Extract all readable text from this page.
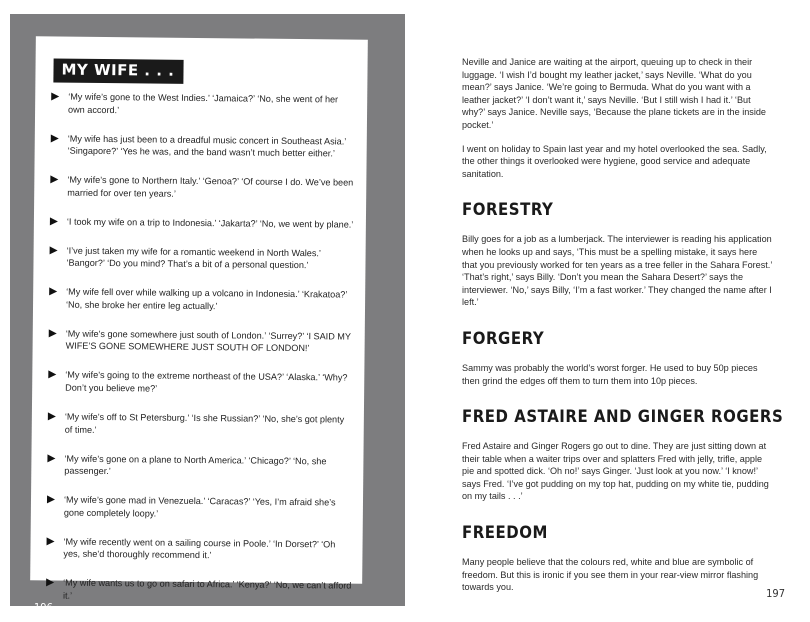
MY WIFE . . .
‘My wife’s gone to the West Indies.’ ‘Jamaica?’ ‘No, she went of her own accord.’
‘My wife has just been to a dreadful music concert in Southeast Asia.’ ‘Singapore?’ ‘Yes he was, and the band wasn’t much better either.’
‘My wife’s gone to Northern Italy.’ ‘Genoa?’ ‘Of course I do. We’ve been married for over ten years.’
‘I took my wife on a trip to Indonesia.’ ‘Jakarta?’ ‘No, we went by plane.’
‘I’ve just taken my wife for a romantic weekend in North Wales.’ ‘Bangor?’ ‘Do you mind? That’s a bit of a personal question.’
‘My wife fell over while walking up a volcano in Indonesia.’ ‘Krakatoa?’ ‘No, she broke her entire leg actually.’
‘My wife’s gone somewhere just south of London.’ ‘Surrey?’ ‘I SAID MY WIFE’S GONE SOMEWHERE JUST SOUTH OF LONDON!’
‘My wife’s going to the extreme northeast of the USA?’ ‘Alaska.’ ‘Why? Don’t you believe me?’
‘My wife’s off to St Petersburg.’ ‘Is she Russian?’ ‘No, she’s got plenty of time.’
‘My wife’s gone on a plane to North America.’ ‘Chicago?’ ‘No, she passenger.’
‘My wife’s gone mad in Venezuela.’ ‘Caracas?’ ‘Yes, I’m afraid she’s gone completely loopy.’
‘My wife recently went on a sailing course in Poole.’ ‘In Dorset?’ ‘Oh yes, she’d thoroughly recommend it.’
‘My wife wants us to go on safari to Africa.’ ‘Kenya?’ ‘No, we can’t afford it.’
196

Neville and Janice are waiting at the airport, queuing up to check in their luggage. ‘I wish I’d bought my leather jacket,’ says Neville. ‘What do you mean?’ says Janice. ‘We’re going to Bermuda. What do you want with a leather jacket?’ ‘I don’t want it,’ says Neville. ‘But I still wish I had it.’ ‘But why?’ says Janice. Neville says, ‘Because the plane tickets are in the inside pocket.’

I went on holiday to Spain last year and my hotel overlooked the sea. Sadly, the other things it overlooked were hygiene, good service and adequate sanitation.

FORESTRY

Billy goes for a job as a lumberjack. The interviewer is reading his application when he looks up and says, ‘This must be a spelling mistake, it says here that you previously worked for ten years as a tree feller in the Sahara Forest.’ ‘That’s right,’ says Billy. ‘Don’t you mean the Sahara Desert?’ says the interviewer. ‘No,’ says Billy, ‘I’m a fast worker.’ They changed the name after I left.’

FORGERY

Sammy was probably the world’s worst forger. He used to buy 50p pieces then grind the edges off them to turn them into 10p pieces.

FRED ASTAIRE AND GINGER ROGERS

Fred Astaire and Ginger Rogers go out to dine. They are just sitting down at their table when a waiter trips over and splatters Fred with jelly, trifle, apple pie and spotted dick. ‘Oh no!’ says Ginger. ‘Just look at you now.’ ‘I know!’ says Fred. ‘I’ve got pudding on my top hat, pudding on my white tie, pudding on my tails . . .’

FREEDOM

Many people believe that the colours red, white and blue are symbolic of freedom. But this is ironic if you see them in your rear-view mirror flashing towards you.	197
